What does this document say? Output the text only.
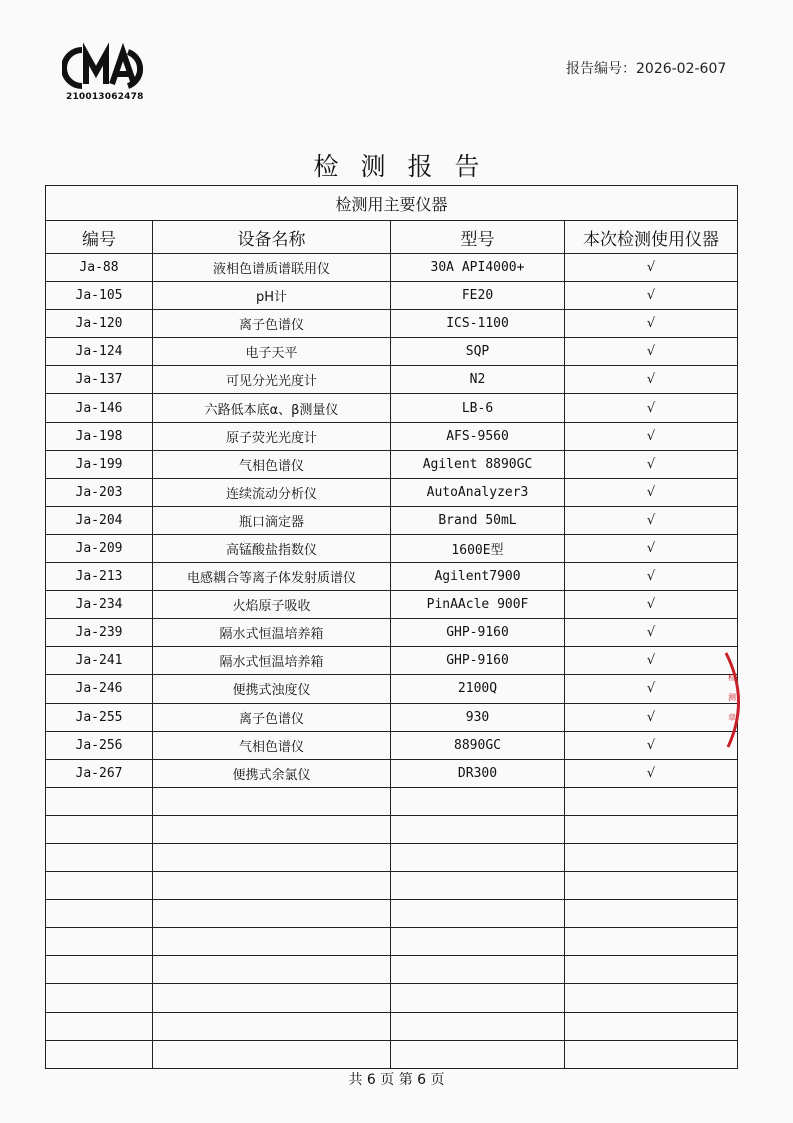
210013062478
报告编号：2026-02-607
检测报告
检测用主要仪器			
编号	设备名称	型号	本次检测使用仪器
Ja-88	液相色谱质谱联用仪	30A API4000+	√
Ja-105	pH计	FE20	√
Ja-120	离子色谱仪	ICS-1100	√
Ja-124	电子天平	SQP	√
Ja-137	可见分光光度计	N2	√
Ja-146	六路低本底α、β测量仪	LB-6	√
Ja-198	原子荧光光度计	AFS-9560	√
Ja-199	气相色谱仪	Agilent 8890GC	√
Ja-203	连续流动分析仪	AutoAnalyzer3	√
Ja-204	瓶口滴定器	Brand 50mL	√
Ja-209	高锰酸盐指数仪	1600E型	√
Ja-213	电感耦合等离子体发射质谱仪	Agilent7900	√
Ja-234	火焰原子吸收	PinAAcle 900F	√
Ja-239	隔水式恒温培养箱	GHP-9160	√
Ja-241	隔水式恒温培养箱	GHP-9160	√
Ja-246	便携式浊度仪	2100Q	√
Ja-255	离子色谱仪	930	√
Ja-256	气相色谱仪	8890GC	√
Ja-267	便携式余氯仪	DR300	√

共 6 页 第 6 页
检
测
章
